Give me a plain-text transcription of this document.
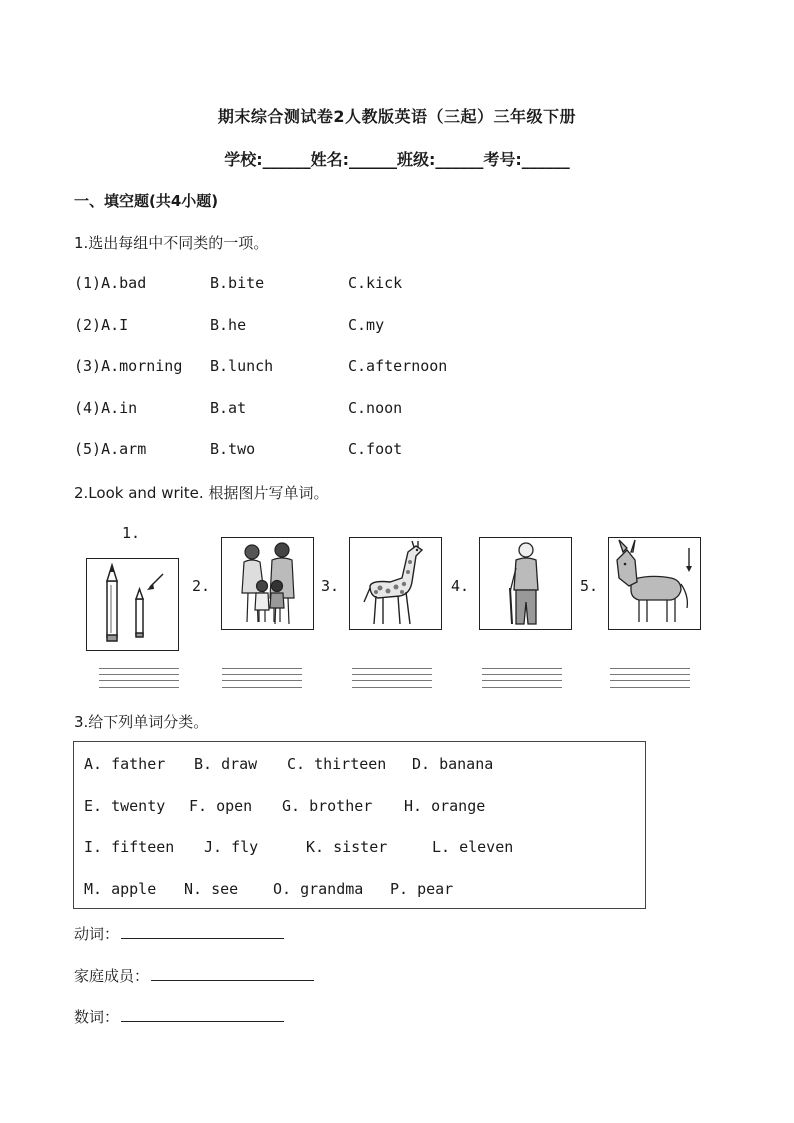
期末综合测试卷2人教版英语（三起）三年级下册
学校:______姓名:______班级:______考号:______
一、填空题(共4小题)
1.选出每组中不同类的一项。
(1)A.bad	B.bite	C.kick
(2)A.I	B.he	C.my
(3)A.morning B.lunch	C.afternoon
(4)A.in	B.at	C.noon
(5)A.arm	B.two	C.foot
2.Look and write. 根据图片写单词。
1.
2.	3.	4.	5.
3.给下列单词分类。
A. father B. draw C. thirteen D. banana
E. twenty F. open G. brother H. orange
I. fifteen J. fly	K. sister	L. eleven
M. apple N. see O. grandma P. pear
动词：
家庭成员：
数词：
